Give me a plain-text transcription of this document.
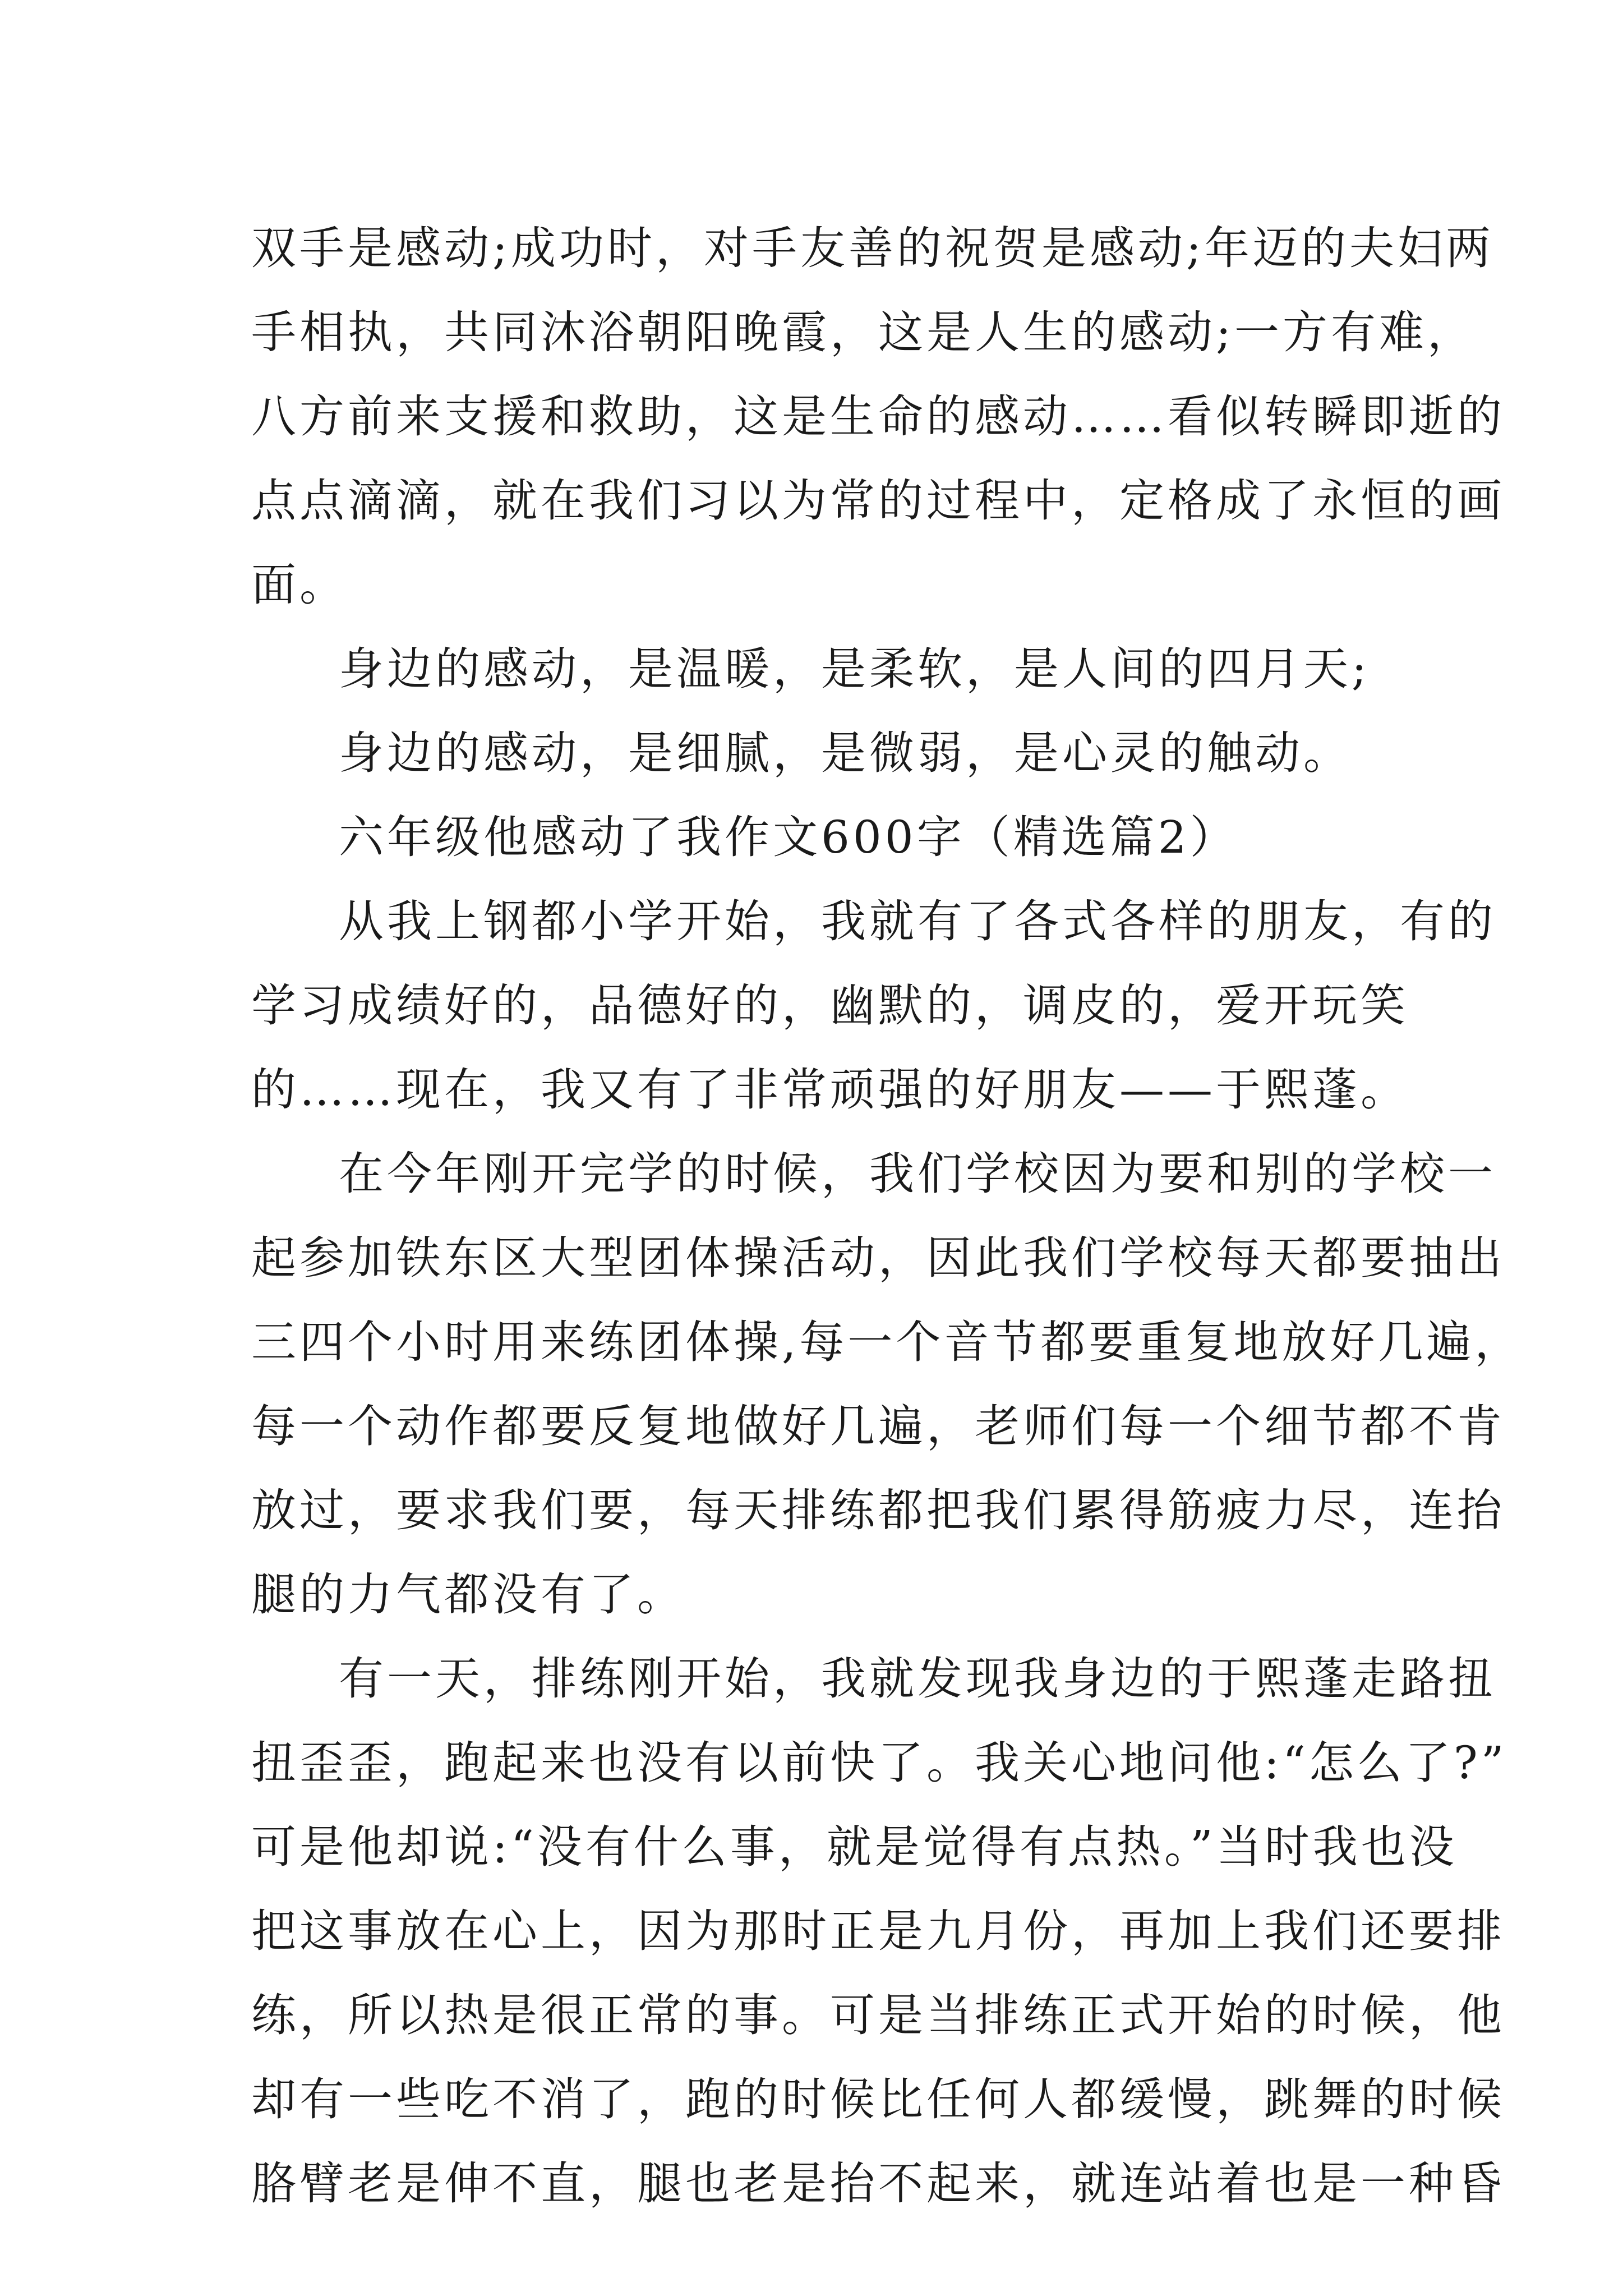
双手是感动;成功时，对手友善的祝贺是感动;年迈的夫妇两
手相执，共同沐浴朝阳晚霞，这是人生的感动;一方有难，
八方前来支援和救助，这是生命的感动……看似转瞬即逝的
点点滴滴，就在我们习以为常的过程中，定格成了永恒的画
面。
身边的感动，是温暖，是柔软，是人间的四月天;
身边的感动，是细腻，是微弱，是心灵的触动。
六年级他感动了我作文600字（精选篇2）
从我上钢都小学开始，我就有了各式各样的朋友，有的
学习成绩好的，品德好的，幽默的，调皮的，爱开玩笑
的……现在，我又有了非常顽强的好朋友——于熙蓬。
在今年刚开完学的时候，我们学校因为要和别的学校一
起参加铁东区大型团体操活动，因此我们学校每天都要抽出
三四个小时用来练团体操,每一个音节都要重复地放好几遍，
每一个动作都要反复地做好几遍，老师们每一个细节都不肯
放过，要求我们要，每天排练都把我们累得筋疲力尽，连抬
腿的力气都没有了。
有一天，排练刚开始，我就发现我身边的于熙蓬走路扭
扭歪歪，跑起来也没有以前快了。我关心地问他:“怎么了?”
可是他却说:“没有什么事，就是觉得有点热。”当时我也没
把这事放在心上，因为那时正是九月份，再加上我们还要排
练，所以热是很正常的事。可是当排练正式开始的时候，他
却有一些吃不消了，跑的时候比任何人都缓慢，跳舞的时候
胳臂老是伸不直，腿也老是抬不起来，就连站着也是一种昏
